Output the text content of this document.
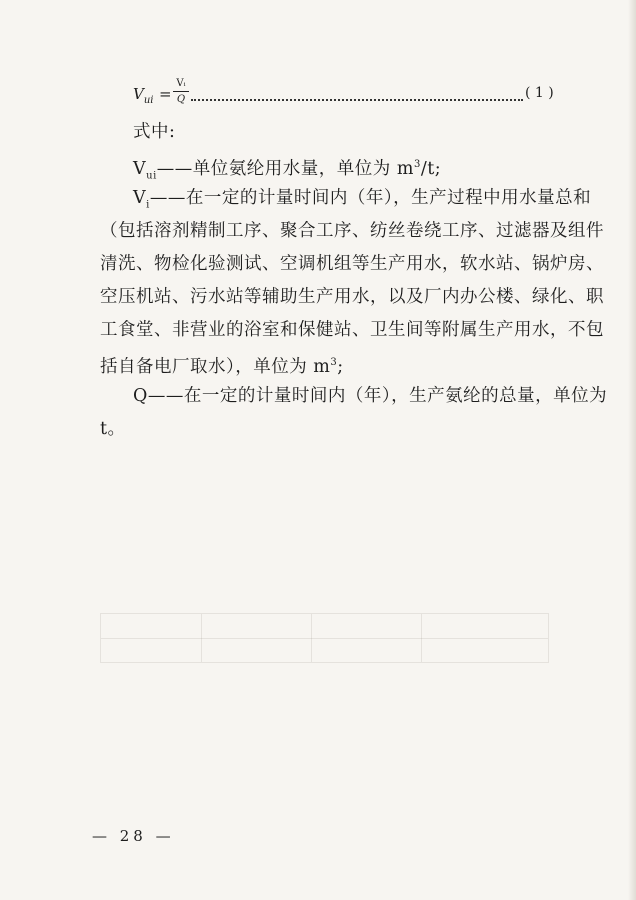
$V_{ui} = \frac{\text{Vᵢ}}{Q}$	( 1 )
式中:
$V_{ui}——$单位氨纶用水量，单位为 $m^3/t$;
$V_i——$在一定的计量时间内（年），生产过程中用水量总和
（包括溶剂精制工序、聚合工序、纺丝卷绕工序、过滤器及组件
清洗、物检化验测试、空调机组等生产用水，软水站、锅炉房、
空压机站、污水站等辅助生产用水，以及厂内办公楼、绿化、职
工食堂、非营业的浴室和保健站、卫生间等附属生产用水，不包
括自备电厂取水），单位为 $m^3$;
Q——在一定的计量时间内（年），生产氨纶的总量，单位为
t。
— 28 —
